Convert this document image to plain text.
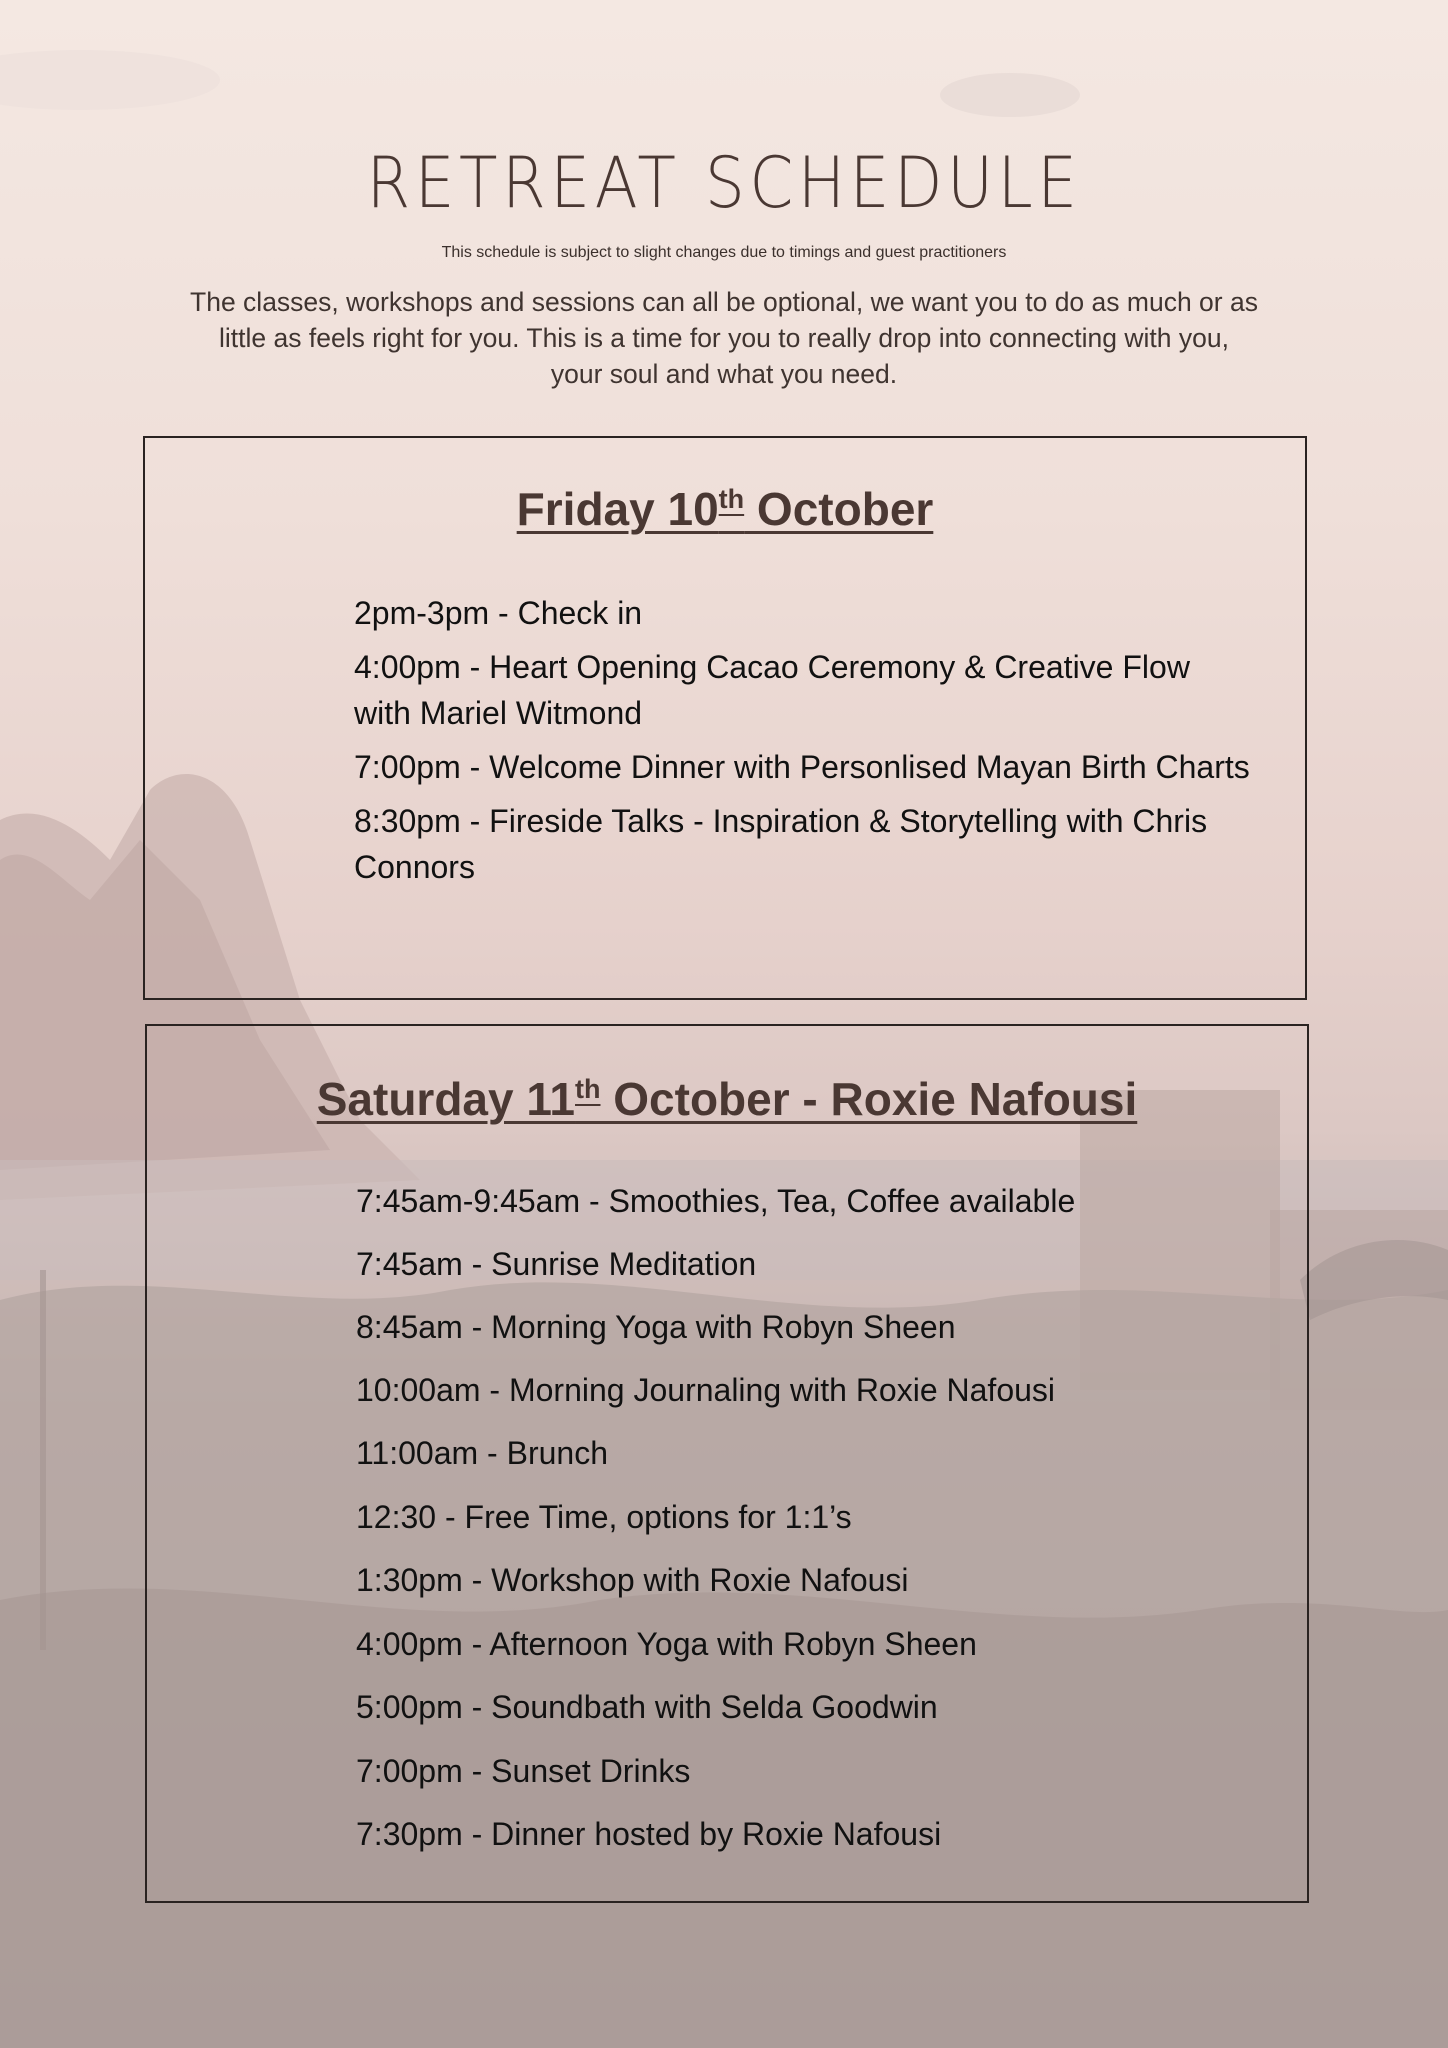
RETREAT SCHEDULE
This schedule is subject to slight changes due to timings and guest practitioners
The classes, workshops and sessions can all be optional, we want you to do as much or as little as feels right for you. This is a time for you to really drop into connecting with you, your soul and what you need.
Friday 10th October
2pm-3pm - Check in
4:00pm - Heart Opening Cacao Ceremony & Creative Flow with Mariel Witmond
7:00pm - Welcome Dinner with Personlised Mayan Birth Charts
8:30pm - Fireside Talks - Inspiration & Storytelling with Chris Connors
Saturday 11th October - Roxie Nafousi
7:45am-9:45am - Smoothies, Tea, Coffee available
7:45am - Sunrise Meditation
8:45am - Morning Yoga with Robyn Sheen
10:00am - Morning Journaling with Roxie Nafousi
11:00am - Brunch
12:30 - Free Time, options for 1:1’s
1:30pm - Workshop with Roxie Nafousi
4:00pm - Afternoon Yoga with Robyn Sheen
5:00pm - Soundbath with Selda Goodwin
7:00pm - Sunset Drinks
7:30pm - Dinner hosted by Roxie Nafousi
